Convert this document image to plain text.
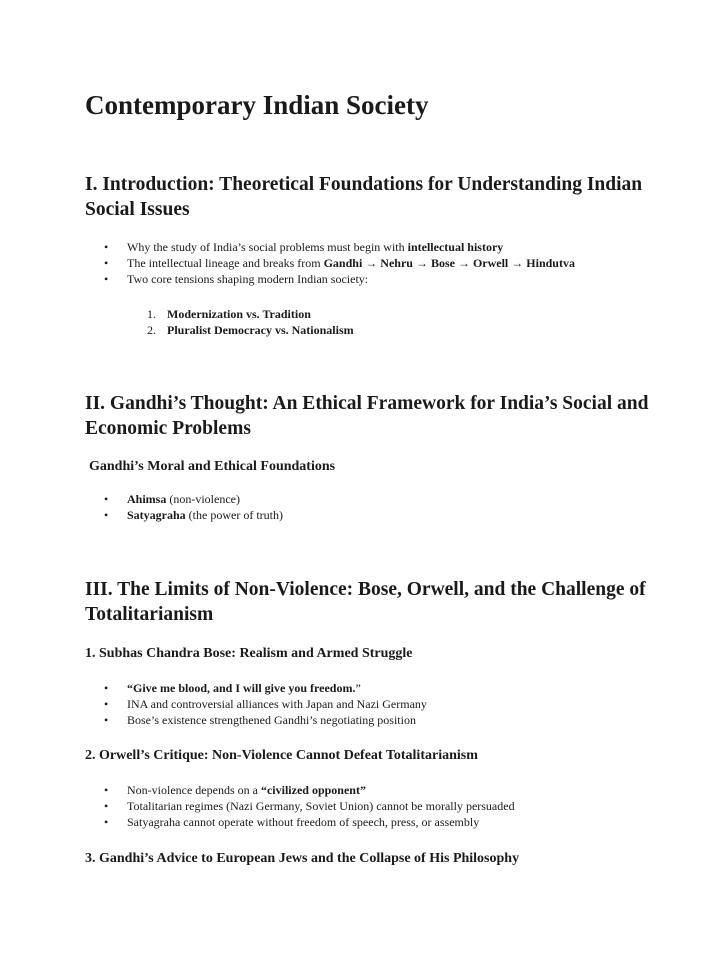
Contemporary Indian Society
I. Introduction: Theoretical Foundations for Understanding Indian Social Issues
• Why the study of India’s social problems must begin with intellectual history
• The intellectual lineage and breaks from Gandhi → Nehru → Bose → Orwell → Hindutva
• Two core tensions shaping modern Indian society:
1. Modernization vs. Tradition
2. Pluralist Democracy vs. Nationalism
II. Gandhi’s Thought: An Ethical Framework for India’s Social and Economic Problems
Gandhi’s Moral and Ethical Foundations
• Ahimsa (non-violence)
• Satyagraha (the power of truth)
III. The Limits of Non-Violence: Bose, Orwell, and the Challenge of Totalitarianism
1. Subhas Chandra Bose: Realism and Armed Struggle
• “Give me blood, and I will give you freedom.”
• INA and controversial alliances with Japan and Nazi Germany
• Bose’s existence strengthened Gandhi’s negotiating position
2. Orwell’s Critique: Non-Violence Cannot Defeat Totalitarianism
• Non-violence depends on a “civilized opponent”
• Totalitarian regimes (Nazi Germany, Soviet Union) cannot be morally persuaded
• Satyagraha cannot operate without freedom of speech, press, or assembly
3. Gandhi’s Advice to European Jews and the Collapse of His Philosophy
